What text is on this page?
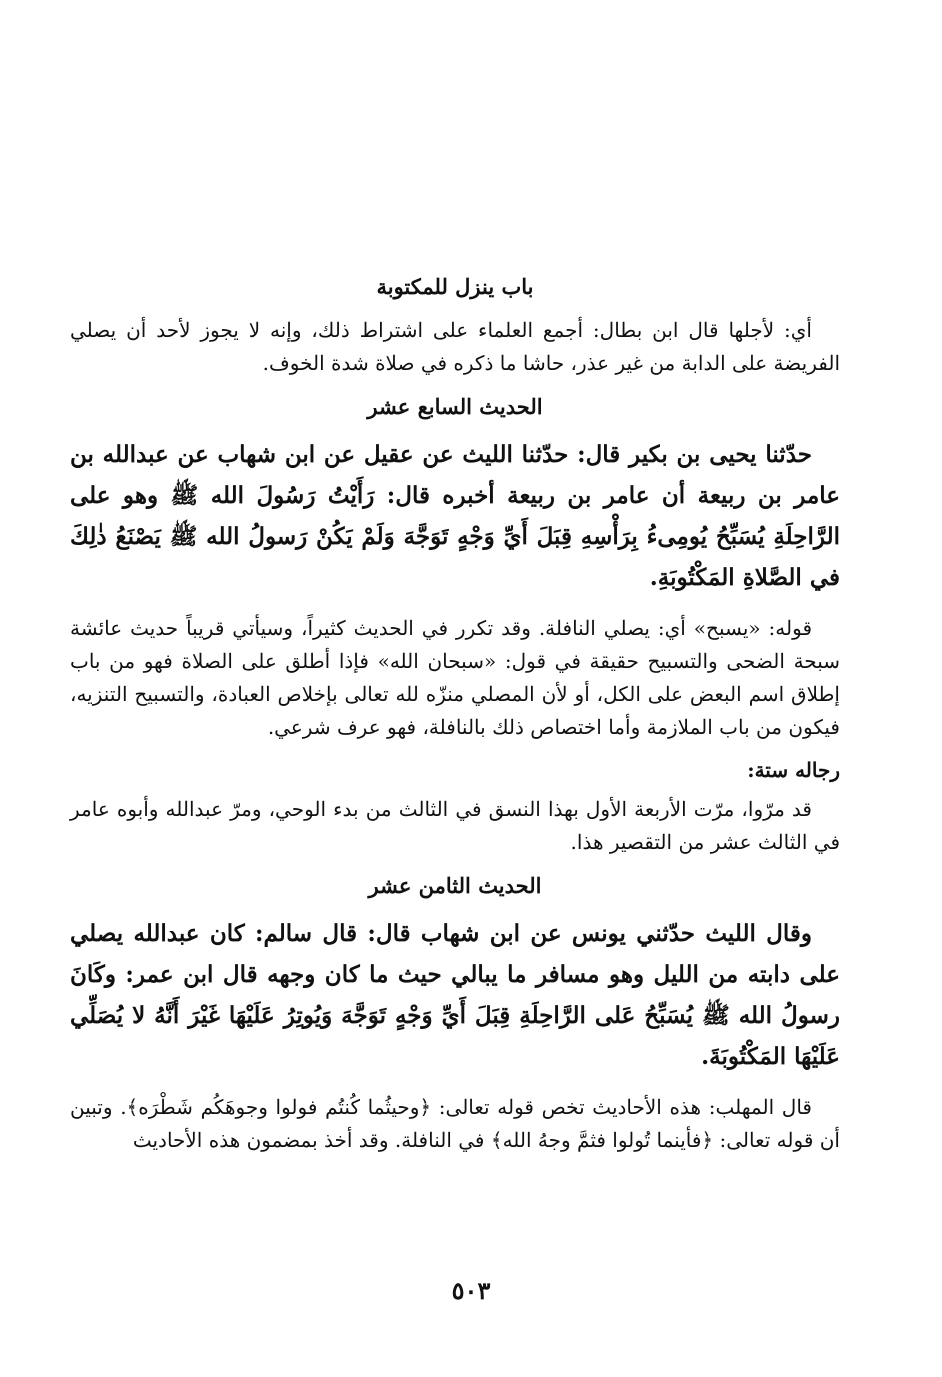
باب ينزل للمكتوبة

أي: لأجلها قال ابن بطال: أجمع العلماء على اشتراط ذلك، وإنه لا يجوز لأحد أن يصلي الفريضة على الدابة من غير عذر، حاشا ما ذكره في صلاة شدة الخوف.

الحديث السابع عشر

حدّثنا يحيى بن بكير قال: حدّثنا الليث عن عقيل عن ابن شهاب عن عبدالله بن عامر بن ربيعة أن عامر بن ربيعة أخبره قال: رَأَيْتُ رَسُولَ الله ﷺ وهو على الرَّاحِلَةِ يُسَبِّحُ يُومِىءُ بِرَأْسِهِ قِبَلَ أَيِّ وَجْهٍ تَوَجَّهَ وَلَمْ يَكُنْ رَسولُ الله ﷺ يَصْنَعُ ذٰلِكَ في الصَّلاةِ المَكْتُوبَةِ.

قوله: «يسبح» أي: يصلي النافلة. وقد تكرر في الحديث كثيراً، وسيأتي قريباً حديث عائشة سبحة الضحى والتسبيح حقيقة في قول: «سبحان الله» فإذا أطلق على الصلاة فهو من باب إطلاق اسم البعض على الكل، أو لأن المصلي منزّه لله تعالى بإخلاص العبادة، والتسبيح التنزيه، فيكون من باب الملازمة وأما اختصاص ذلك بالنافلة، فهو عرف شرعي.

رجاله ستة:

قد مرّوا، مرّت الأربعة الأول بهذا النسق في الثالث من بدء الوحي، ومرّ عبدالله وأبوه عامر في الثالث عشر من التقصير هذا.

الحديث الثامن عشر

وقال الليث حدّثني يونس عن ابن شهاب قال: قال سالم: كان عبدالله يصلي على دابته من الليل وهو مسافر ما يبالي حيث ما كان وجهه قال ابن عمر: وكَانَ رسولُ الله ﷺ يُسَبِّحُ عَلى الرَّاحِلَةِ قِبَلَ أَيِّ وَجْهٍ تَوَجَّهَ وَيُوتِرُ عَلَيْهَا غَيْرَ أَنَّهُ لا يُصَلِّي عَلَيْهَا المَكْتُوبَةَ.

قال المهلب: هذه الأحاديث تخص قوله تعالى: ﴿وحيثُما كُنتُم فولوا وجوهَكُم شَطْرَه﴾. وتبين أن قوله تعالى: ﴿فأينما تُولوا فثمَّ وجهُ الله﴾ في النافلة. وقد أخذ بمضمون هذه الأحاديث

٥٠٣
